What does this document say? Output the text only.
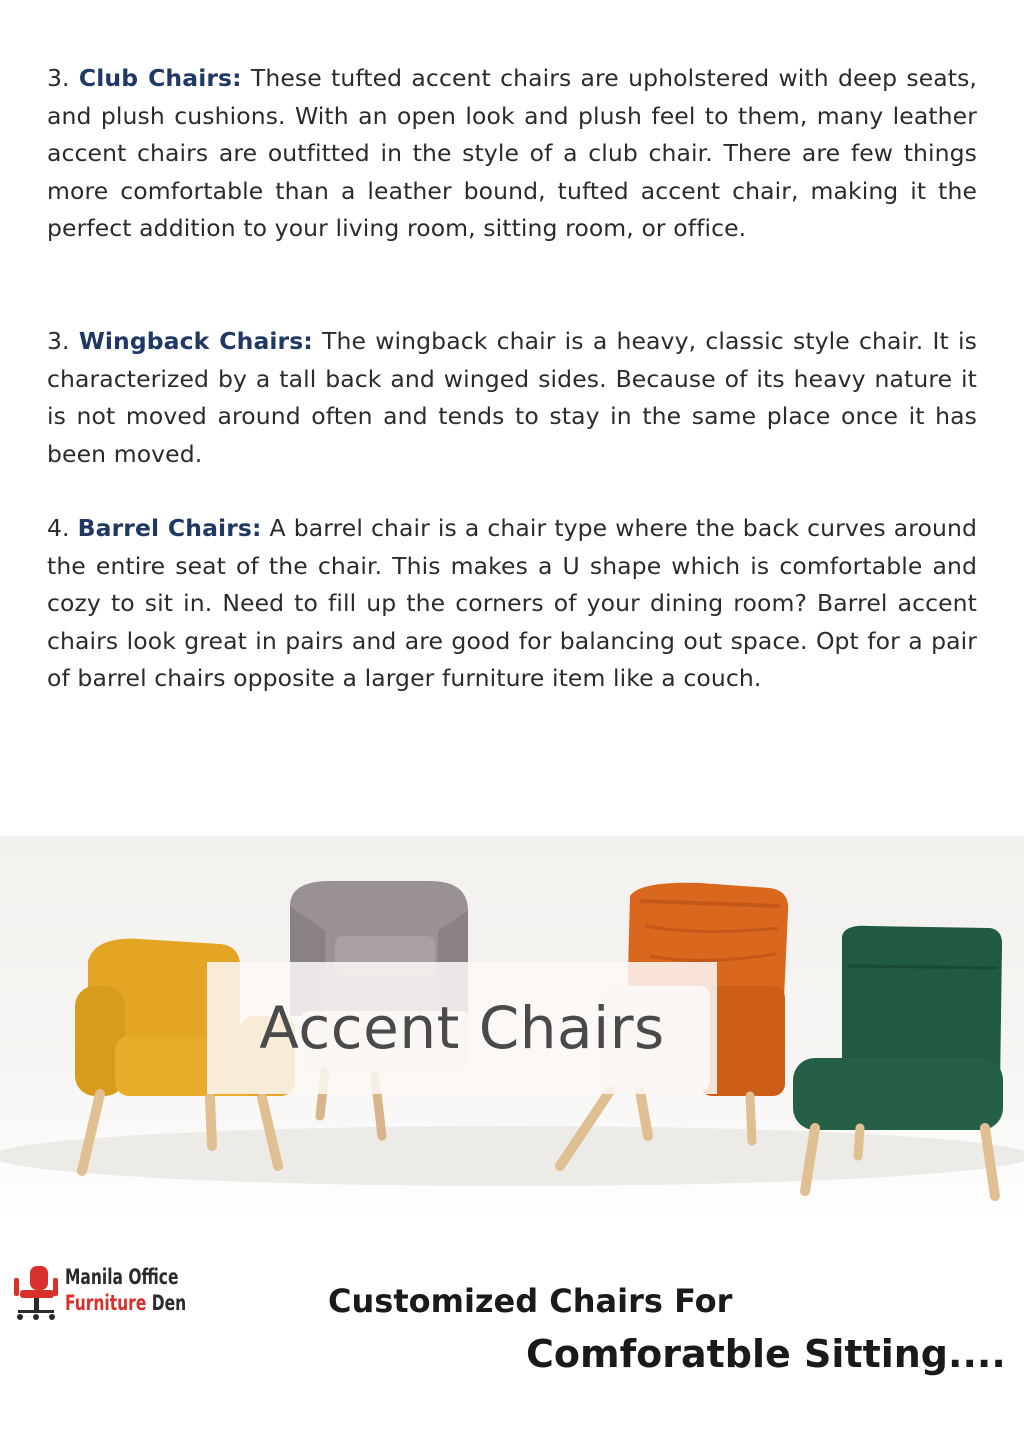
3. Club Chairs: These tufted accent chairs are upholstered with deep seats, and plush cushions. With an open look and plush feel to them, many leather accent chairs are outfitted in the style of a club chair. There are few things more comfortable than a leather bound, tufted accent chair, making it the perfect addition to your living room, sitting room, or office.

3. Wingback Chairs: The wingback chair is a heavy, classic style chair. It is characterized by a tall back and winged sides. Because of its heavy nature it is not moved around often and tends to stay in the same place once it has been moved.

4. Barrel Chairs: A barrel chair is a chair type where the back curves around the entire seat of the chair. This makes a U shape which is comfortable and cozy to sit in. Need to fill up the corners of your dining room? Barrel accent chairs look great in pairs and are good for balancing out space. Opt for a pair of barrel chairs opposite a larger furniture item like a couch.

Accent Chairs
Manila Office
Furniture Den	Customized Chairs For
Comforatble Sitting....
